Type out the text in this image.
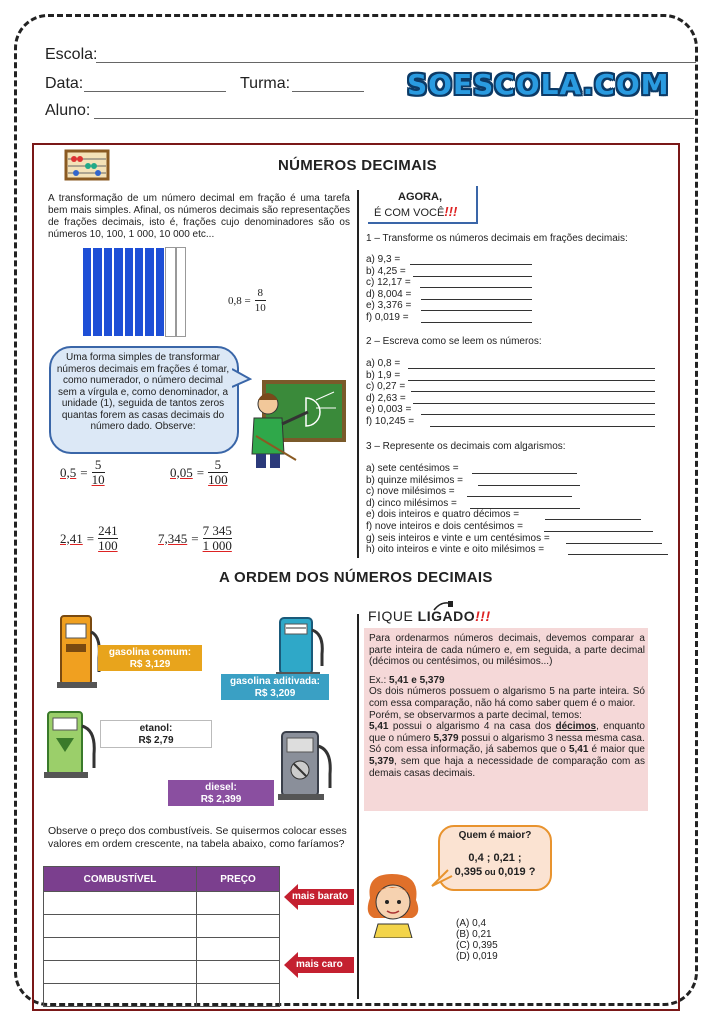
Escola:
Data:	Turma:
Aluno:
SOESCOLA.COM
NÚMEROS DECIMAIS
A transformação de um número decimal em fração é uma tarefa bem mais simples. Afinal, os números decimais são representações de frações decimais, isto é, frações cujo denominadores são os números 10, 100, 1 000, 10 000 etc...
$0,8 = \frac{8}{10}$
Uma forma simples de transformar números decimais em frações é tomar, como numerador, o número decimal sem a vírgula e, como denominador, a unidade (1), seguida de tantos zeros quantas forem as casas decimais do número dado. Observe:
$0,5 = \frac{5}{10}$	$0,05 = \frac{5}{100}$
$2,41 = \frac{241}{100}$	$7,345 = \frac{7 345}{1 000}$
AGORA,
É COM VOCÊ!!!
1 – Transforme os números decimais em frações decimais:
a) 9,3 =
b) 4,25 =
c) 12,17 =
d) 8,004 =
e) 3,376 =
f) 0,019 =
2 – Escreva como se leem os números:
a) 0,8 =
b) 1,9 =
c) 0,27 =
d) 2,63 =
e) 0,003 =
f) 10,245 =
3 – Represente os decimais com algarismos:
a) sete centésimos =
b) quinze milésimos =
c) nove milésimos =
d) cinco milésimos =
e) dois inteiros e quatro décimos =
f) nove inteiros e dois centésimos =
g) seis inteiros e vinte e um centésimos =
h) oito inteiros e vinte e oito milésimos =
A ORDEM DOS NÚMEROS DECIMAIS
gasolina comum:
R$ 3,129
gasolina aditivada:
R$ 3,209
etanol:
R$ 2,79
diesel:
R$ 2,399
Observe o preço dos combustíveis. Se quisermos colocar esses valores em ordem crescente, na tabela abaixo, como faríamos?
COMBUSTÍVEL	PREÇO

mais barato
mais caro
FIQUE LIGADO!!!
Para ordenarmos números decimais, devemos comparar a parte inteira de cada número e, em seguida, a parte decimal (décimos ou centésimos, ou milésimos...)
Ex.: 5,41 e 5,379
Os dois números possuem o algarismo 5 na parte inteira. Só com essa comparação, não há como saber quem é o maior.
Porém, se observarmos a parte decimal, temos:
5,41 possui o algarismo 4 na casa dos décimos, enquanto que o número 5,379 possui o algarismo 3 nessa mesma casa.
Só com essa informação, já sabemos que o 5,41 é maior que 5,379, sem que haja a necessidade de comparação com as demais casas decimais.
Quem é maior?
0,4 ; 0,21 ;
0,395 ou 0,019 ?
(A) 0,4
(B) 0,21
(C) 0,395
(D) 0,019
